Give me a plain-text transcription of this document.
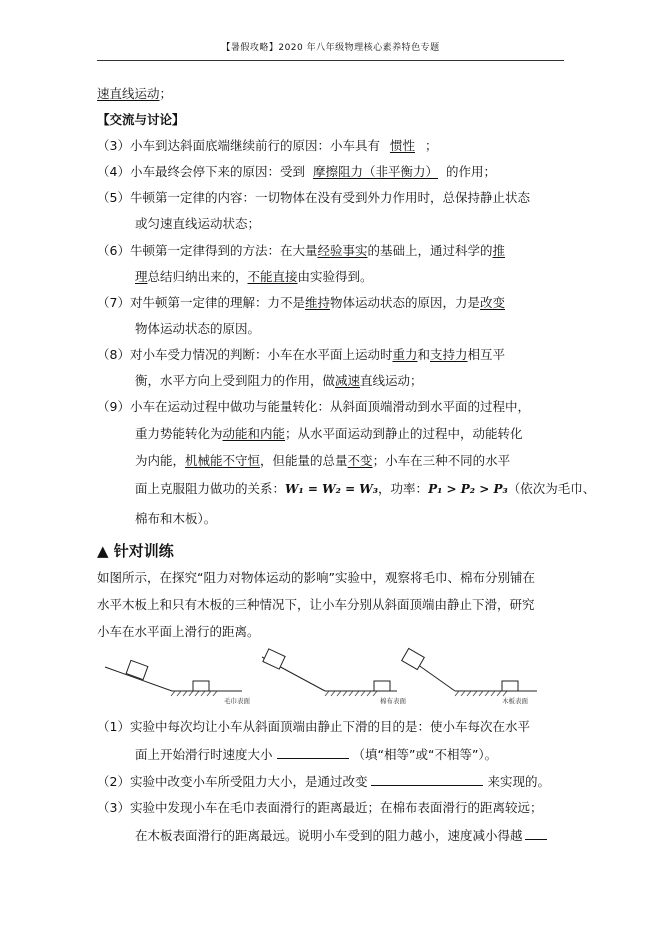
【暑假攻略】2020 年八年级物理核心素养特色专题
速直线运动；
【交流与讨论】
（3）小车到达斜面底端继续前行的原因：小车具有 惯性 ；
（4）小车最终会停下来的原因：受到 摩擦阻力（非平衡力） 的作用；
（5）牛顿第一定律的内容：一切物体在没有受到外力作用时，总保持静止状态
或匀速直线运动状态；
（6）牛顿第一定律得到的方法：在大量经验事实的基础上，通过科学的推
理总结归纳出来的，不能直接由实验得到。
（7）对牛顿第一定律的理解：力不是维持物体运动状态的原因，力是改变
物体运动状态的原因。
（8）对小车受力情况的判断：小车在水平面上运动时重力和支持力相互平
衡，水平方向上受到阻力的作用，做减速直线运动；
（9）小车在运动过程中做功与能量转化：从斜面顶端滑动到水平面的过程中，
重力势能转化为动能和内能；从水平面运动到静止的过程中，动能转化
为内能，机械能不守恒，但能量的总量不变；小车在三种不同的水平
面上克服阻力做功的关系：W₁ = W₂ = W₃，功率：P₁ > P₂ > P₃（依次为毛巾、
棉布和木板）。
▲ 针对训练
如图所示，在探究“阻力对物体运动的影响”实验中，观察将毛巾、棉布分别铺在
水平木板上和只有木板的三种情况下，让小车分别从斜面顶端由静止下滑，研究
小车在水平面上滑行的距离。
毛巾表面	棉布表面	木板表面
（1）实验中每次均让小车从斜面顶端由静止下滑的目的是：使小车每次在水平
面上开始滑行时速度大小	（填“相等”或“不相等”）。
（2）实验中改变小车所受阻力大小，是通过改变	来实现的。
（3）实验中发现小车在毛巾表面滑行的距离最近；在棉布表面滑行的距离较远；
在木板表面滑行的距离最远。说明小车受到的阻力越小，速度减小得越
